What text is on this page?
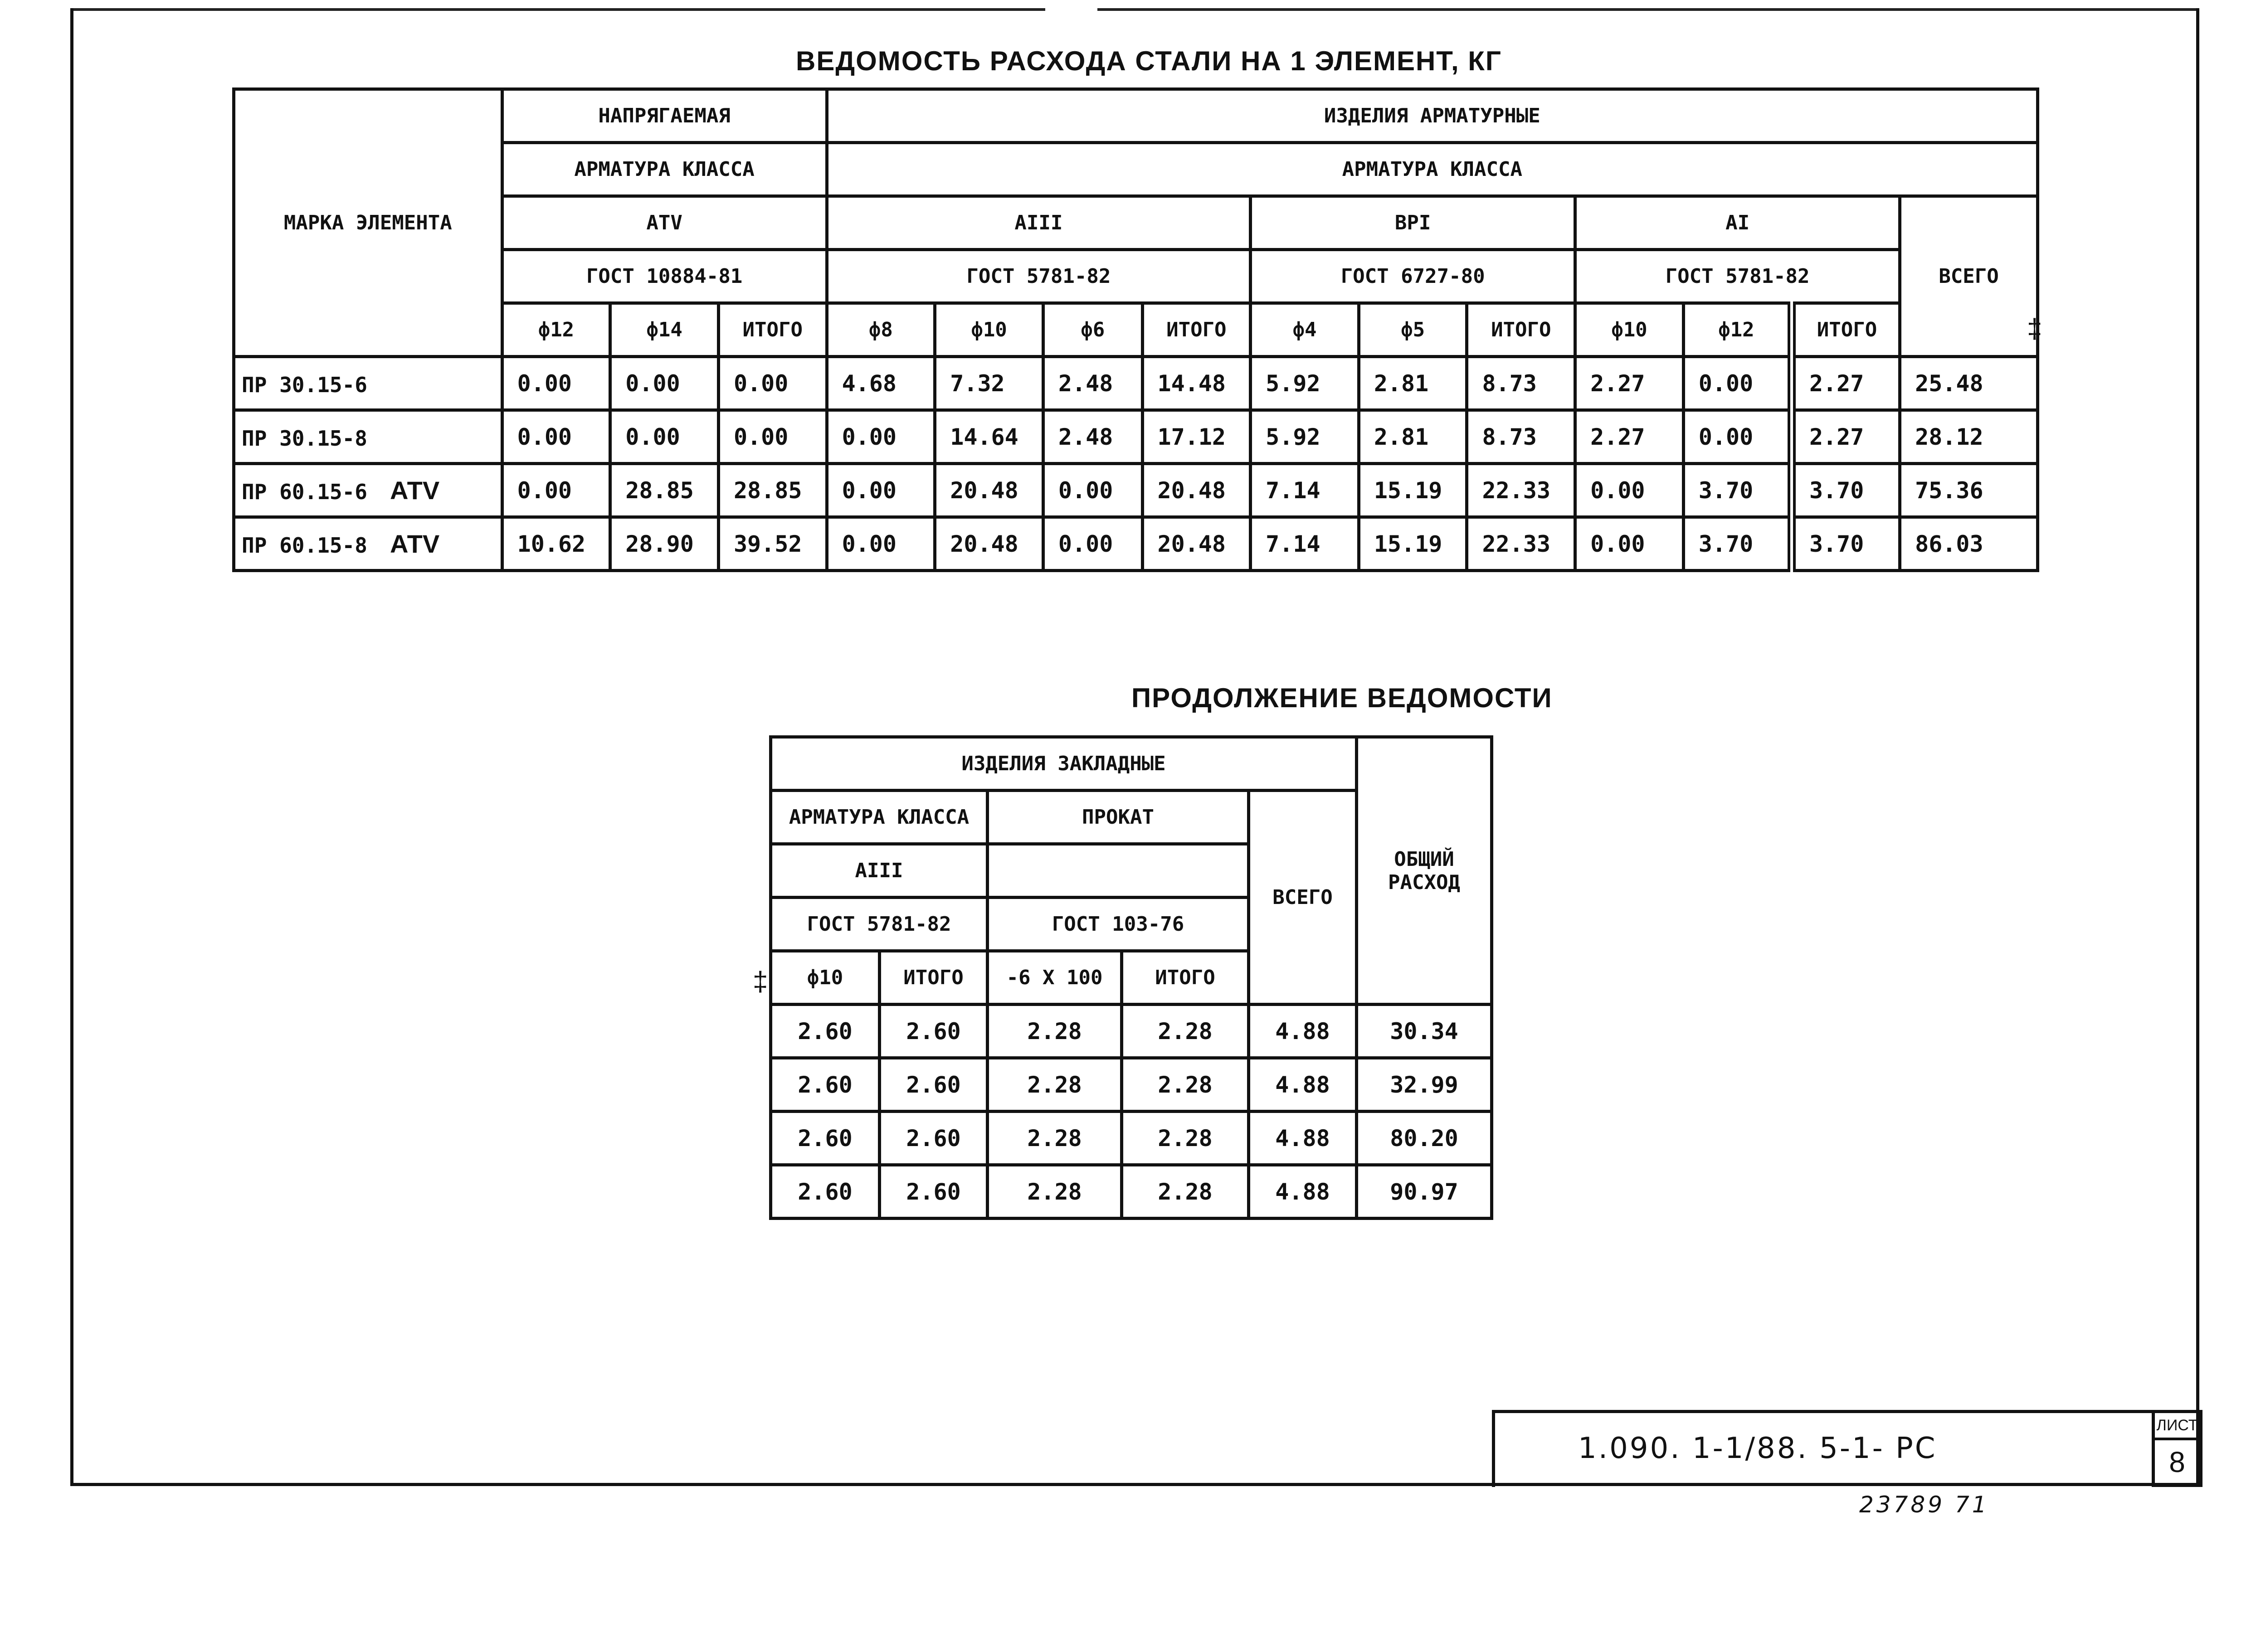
ВЕДОМОСТЬ РАСХОДА СТАЛИ НА 1 ЭЛЕМЕНТ, КГ
МАРКА ЭЛЕМЕНТА	НАПРЯГАЕМАЯ			ИЗДЕЛИЯ АРМАТУРНЫЕ										
	АРМАТУРА КЛАССА			АРМАТУРА КЛАССА										
	АТV			АIII				ВРI			АI			ВСЕГО
	ГОСТ 10884-81			ГОСТ 5781-82				ГОСТ 6727-80			ГОСТ 5781-82			
	ф12	ф14	ИТОГО	ф8	ф10	ф6	ИТОГО	ф4	ф5	ИТОГО	ф10	ф12	ИТОГО	
ПР 30.15-6	0.00	0.00	0.00	4.68	7.32	2.48	14.48	5.92	2.81	8.73	2.27	0.00	2.27	25.48
ПР 30.15-8	0.00	0.00	0.00	0.00	14.64	2.48	17.12	5.92	2.81	8.73	2.27	0.00	2.27	28.12
ПР 60.15-6 АТV	0.00	28.85	28.85	0.00	20.48	0.00	20.48	7.14	15.19	22.33	0.00	3.70	3.70	75.36
ПР 60.15-8 АТV	10.62	28.90	39.52	0.00	20.48	0.00	20.48	7.14	15.19	22.33	0.00	3.70	3.70	86.03
‡
ПРОДОЛЖЕНИЕ ВЕДОМОСТИ
ИЗДЕЛИЯ ЗАКЛАДНЫЕ					ОБЩИЙ
РАСХОД
АРМАТУРА КЛАССА		ПРОКАТ		ВСЕГО	
АIII					
ГОСТ 5781-82		ГОСТ 103-76			
ф10	ИТОГО	-6 Х 100	ИТОГО		
2.60	2.60	2.28	2.28	4.88	30.34
2.60	2.60	2.28	2.28	4.88	32.99
2.60	2.60	2.28	2.28	4.88	80.20
2.60	2.60	2.28	2.28	4.88	90.97
‡
1.090. 1-1/88. 5-1- РС
ЛИСТ
8
23789 71
